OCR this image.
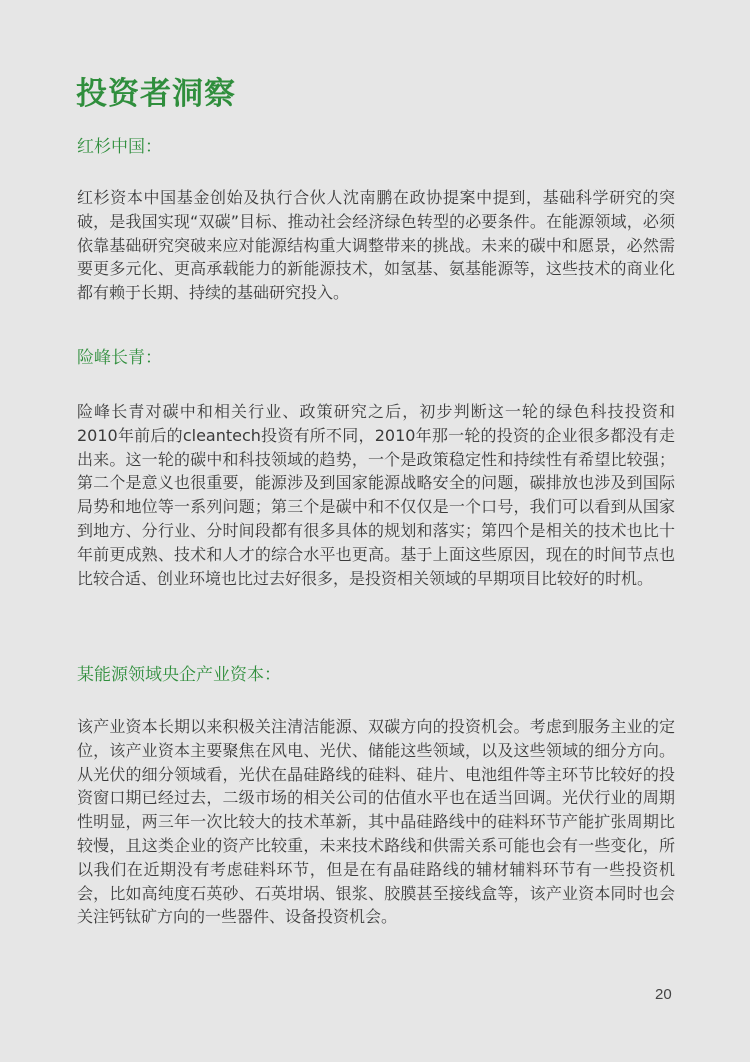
投资者洞察
红杉中国：

红杉资本中国基金创始及执行合伙人沈南鹏在政协提案中提到，基础科学研究的突破，是我国实现“双碳”目标、推动社会经济绿色转型的必要条件。在能源领域，必须依靠基础研究突破来应对能源结构重大调整带来的挑战。未来的碳中和愿景，必然需要更多元化、更高承载能力的新能源技术，如氢基、氨基能源等，这些技术的商业化都有赖于长期、持续的基础研究投入。

险峰长青：

险峰长青对碳中和相关行业、政策研究之后，初步判断这一轮的绿色科技投资和2010年前后的cleantech投资有所不同，2010年那一轮的投资的企业很多都没有走出来。这一轮的碳中和科技领域的趋势，一个是政策稳定性和持续性有希望比较强；第二个是意义也很重要，能源涉及到国家能源战略安全的问题，碳排放也涉及到国际局势和地位等一系列问题；第三个是碳中和不仅仅是一个口号，我们可以看到从国家到地方、分行业、分时间段都有很多具体的规划和落实；第四个是相关的技术也比十年前更成熟、技术和人才的综合水平也更高。基于上面这些原因，现在的时间节点也比较合适、创业环境也比过去好很多，是投资相关领域的早期项目比较好的时机。

某能源领域央企产业资本：

该产业资本长期以来积极关注清洁能源、双碳方向的投资机会。考虑到服务主业的定位，该产业资本主要聚焦在风电、光伏、储能这些领域，以及这些领域的细分方向。从光伏的细分领域看，光伏在晶硅路线的硅料、硅片、电池组件等主环节比较好的投资窗口期已经过去，二级市场的相关公司的估值水平也在适当回调。光伏行业的周期性明显，两三年一次比较大的技术革新，其中晶硅路线中的硅料环节产能扩张周期比较慢，且这类企业的资产比较重，未来技术路线和供需关系可能也会有一些变化，所以我们在近期没有考虑硅料环节，但是在有晶硅路线的辅材辅料环节有一些投资机会，比如高纯度石英砂、石英坩埚、银浆、胶膜甚至接线盒等，该产业资本同时也会关注钙钛矿方向的一些器件、设备投资机会。

20
